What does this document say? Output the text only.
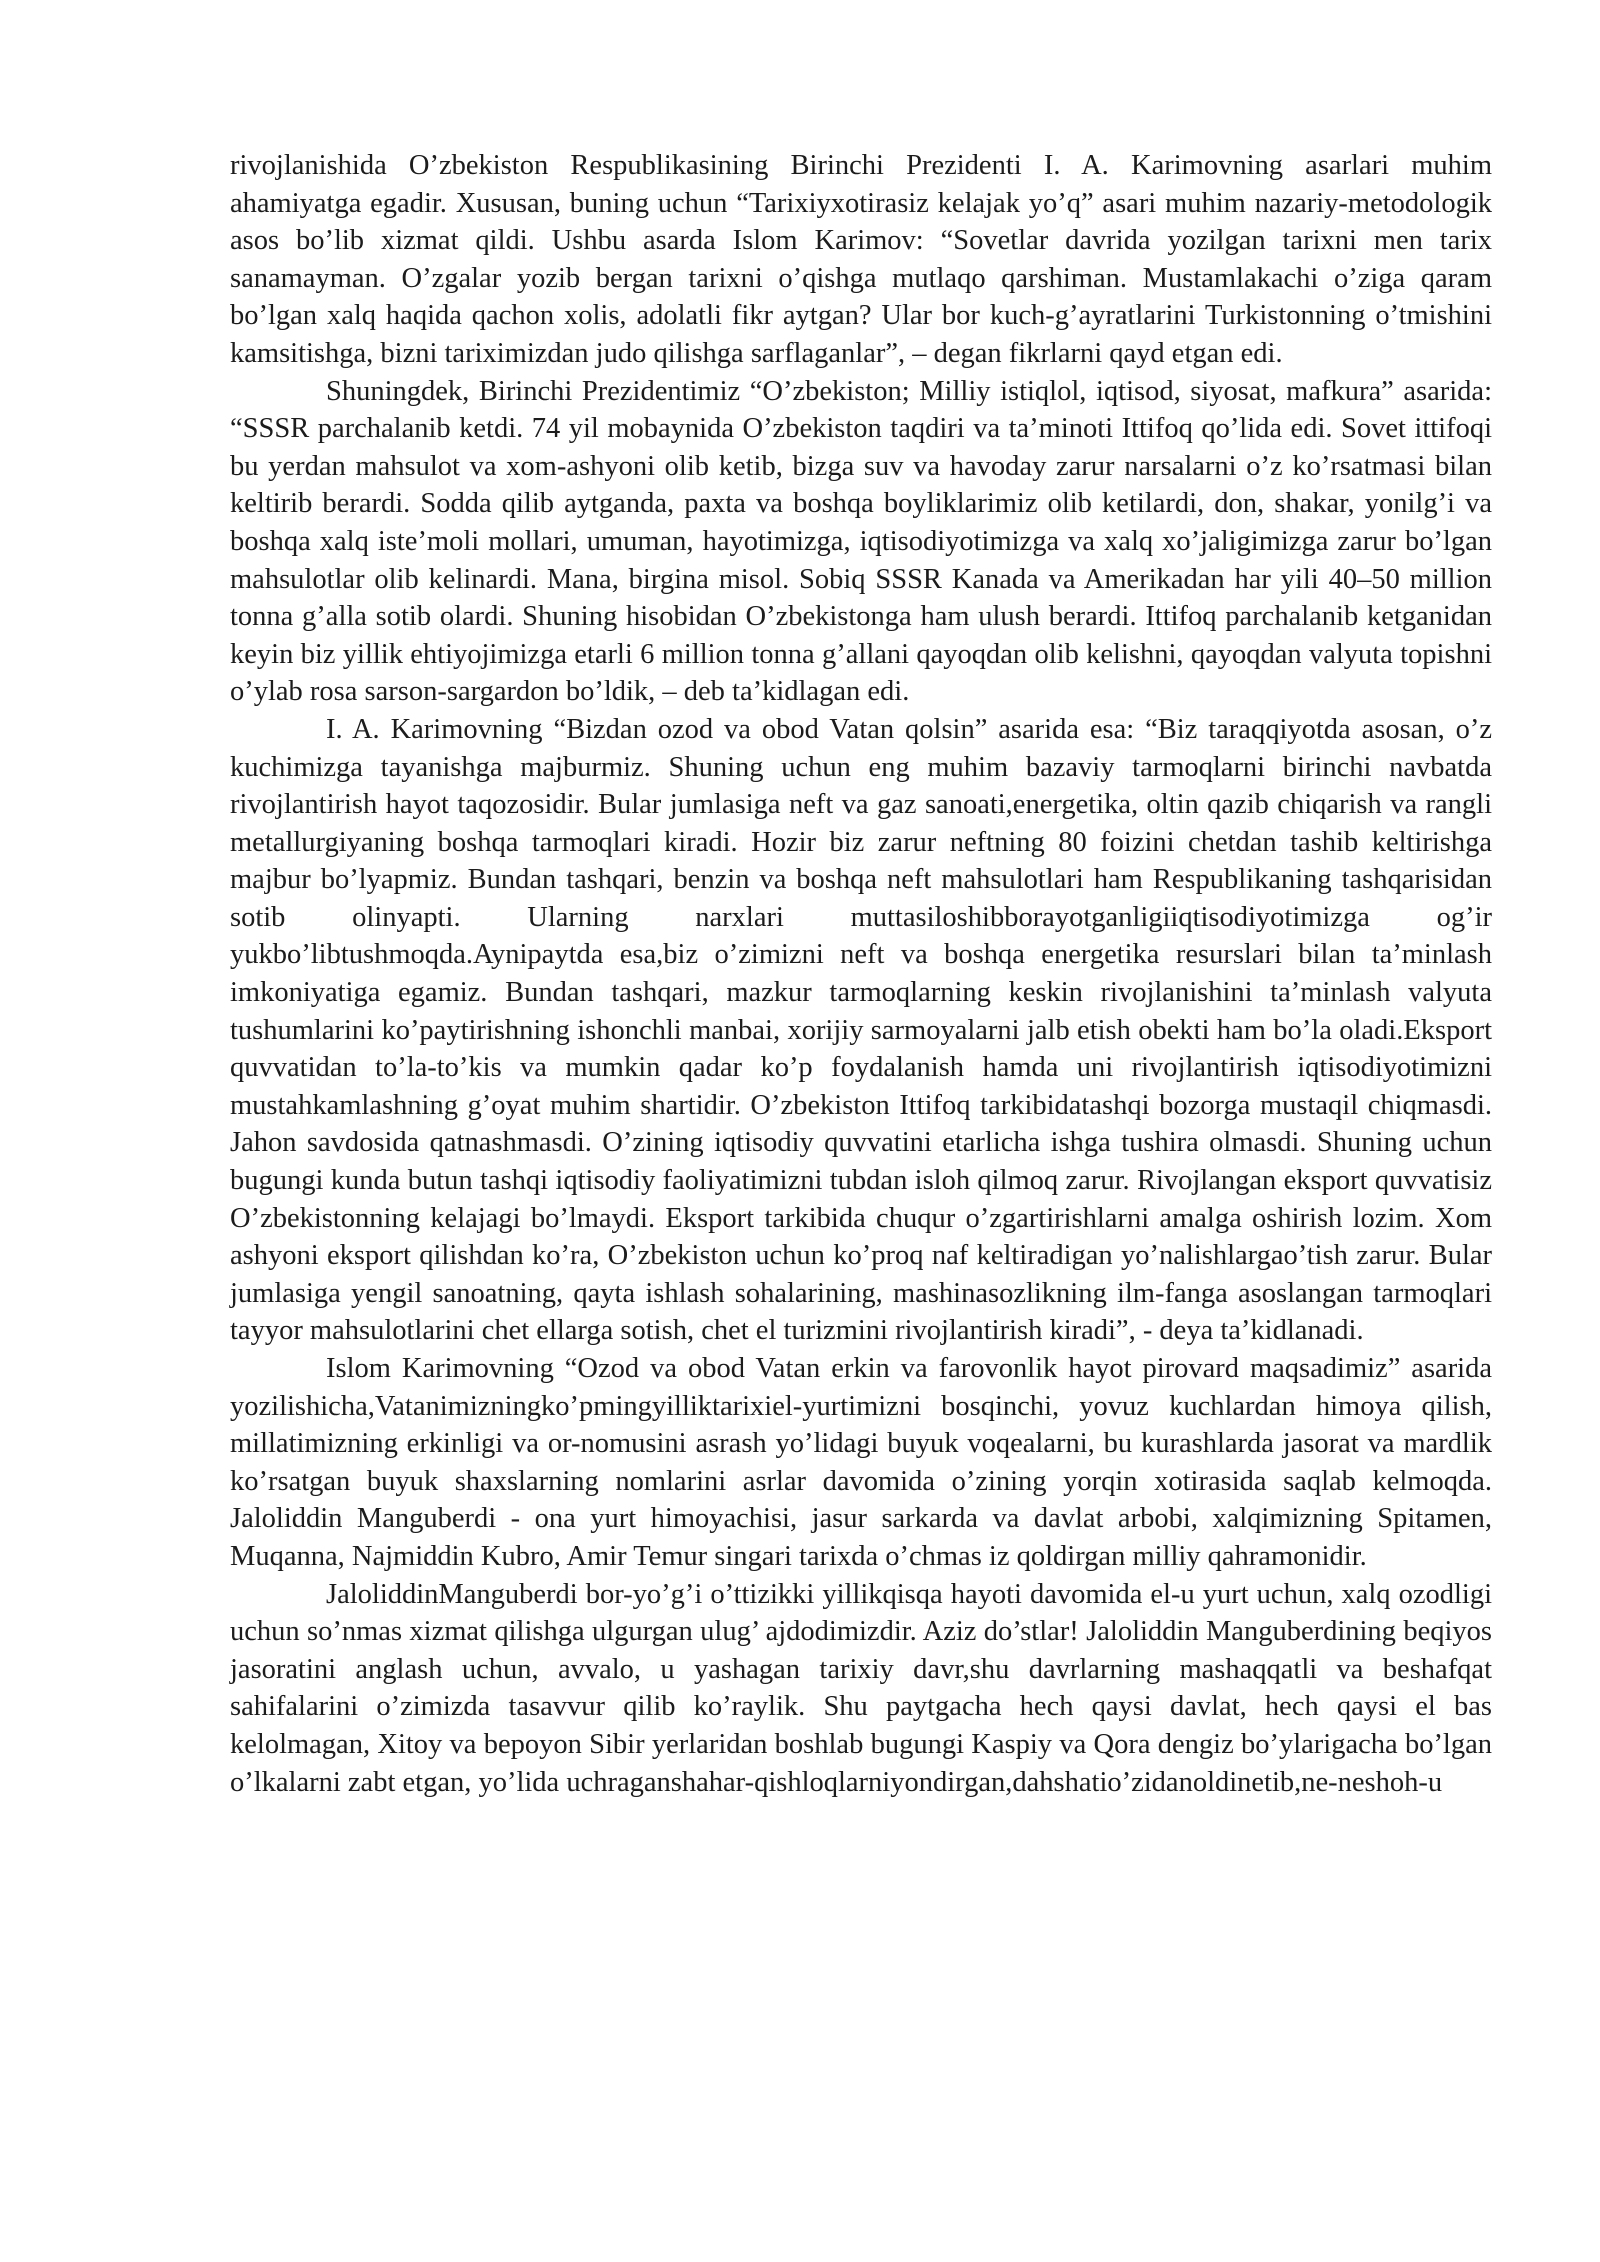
rivojlanishida O’zbekiston Respublikasining Birinchi Prezidenti I. A. Karimovning asarlari muhim ahamiyatga egadir. Xususan, buning uchun “Tarixiyxotirasiz kelajak yo’q” asari muhim nazariy-metodologik asos bo’lib xizmat qildi. Ushbu asarda Islom Karimov: “Sovetlar davrida yozilgan tarixni men tarix sanamayman. O’zgalar yozib bergan tarixni o’qishga mutlaqo qarshiman. Mustamlakachi o’ziga qaram bo’lgan xalq haqida qachon xolis, adolatli fikr aytgan? Ular bor kuch-g’ayratlarini Turkistonning o’tmishini kamsitishga, bizni tariximizdan judo qilishga sarflaganlar”, – degan fikrlarni qayd etgan edi.

Shuningdek, Birinchi Prezidentimiz “O’zbekiston; Milliy istiqlol, iqtisod, siyosat, mafkura” asarida: “SSSR parchalanib ketdi. 74 yil mobaynida O’zbekiston taqdiri va ta’minoti Ittifoq qo’lida edi. Sovet ittifoqi bu yerdan mahsulot va xom-ashyoni olib ketib, bizga suv va havoday zarur narsalarni o’z ko’rsatmasi bilan keltirib berardi. Sodda qilib aytganda, paxta va boshqa boyliklarimiz olib ketilardi, don, shakar, yonilg’i va boshqa xalq iste’moli mollari, umuman, hayotimizga, iqtisodiyotimizga va xalq xo’jaligimizga zarur bo’lgan mahsulotlar olib kelinardi. Mana, birgina misol. Sobiq SSSR Kanada va Amerikadan har yili 40–50 million tonna g’alla sotib olardi. Shuning hisobidan O’zbekistonga ham ulush berardi. Ittifoq parchalanib ketganidan keyin biz yillik ehtiyojimizga etarli 6 million tonna g’allani qayoqdan olib kelishni, qayoqdan valyuta topishni o’ylab rosa sarson-sargardon bo’ldik, – deb ta’kidlagan edi.

I. A. Karimovning “Bizdan ozod va obod Vatan qolsin” asarida esa: “Biz taraqqiyotda asosan, o’z kuchimizga tayanishga majburmiz. Shuning uchun eng muhim bazaviy tarmoqlarni birinchi navbatda rivojlantirish hayot taqozosidir. Bular jumlasiga neft va gaz sanoati,energetika, oltin qazib chiqarish va rangli metallurgiyaning boshqa tarmoqlari kiradi. Hozir biz zarur neftning 80 foizini chetdan tashib keltirishga majbur bo’lyapmiz. Bundan tashqari, benzin va boshqa neft mahsulotlari ham Respublikaning tashqarisidan sotib olinyapti. Ularning narxlari muttasiloshibborayotganligiiqtisodiyotimizga og’ir yukbo’libtushmoqda.Aynipaytda esa,biz o’zimizni neft va boshqa energetika resurslari bilan ta’minlash imkoniyatiga egamiz. Bundan tashqari, mazkur tarmoqlarning keskin rivojlanishini ta’minlash valyuta tushumlarini ko’paytirishning ishonchli manbai, xorijiy sarmoyalarni jalb etish obekti ham bo’la oladi.Eksport quvvatidan to’la-to’kis va mumkin qadar ko’p foydalanish hamda uni rivojlantirish iqtisodiyotimizni mustahkamlashning g’oyat muhim shartidir. O’zbekiston Ittifoq tarkibidatashqi bozorga mustaqil chiqmasdi. Jahon savdosida qatnashmasdi. O’zining iqtisodiy quvvatini etarlicha ishga tushira olmasdi. Shuning uchun bugungi kunda butun tashqi iqtisodiy faoliyatimizni tubdan isloh qilmoq zarur. Rivojlangan eksport quvvatisiz O’zbekistonning kelajagi bo’lmaydi. Eksport tarkibida chuqur o’zgartirishlarni amalga oshirish lozim. Xom ashyoni eksport qilishdan ko’ra, O’zbekiston uchun ko’proq naf keltiradigan yo’nalishlargao’tish zarur. Bular jumlasiga yengil sanoatning, qayta ishlash sohalarining, mashinasozlikning ilm-fanga asoslangan tarmoqlari tayyor mahsulotlarini chet ellarga sotish, chet el turizmini rivojlantirish kiradi”, - deya ta’kidlanadi.

Islom Karimovning “Ozod va obod Vatan erkin va farovonlik hayot pirovard maqsadimiz” asarida yozilishicha,Vatanimizningko’pmingyilliktarixiel-yurtimizni bosqinchi, yovuz kuchlardan himoya qilish, millatimizning erkinligi va or-nomusini asrash yo’lidagi buyuk voqealarni, bu kurashlarda jasorat va mardlik ko’rsatgan buyuk shaxslarning nomlarini asrlar davomida o’zining yorqin xotirasida saqlab kelmoqda. Jaloliddin Manguberdi - ona yurt himoyachisi, jasur sarkarda va davlat arbobi, xalqimizning Spitamen, Muqanna, Najmiddin Kubro, Amir Temur singari tarixda o’chmas iz qoldirgan milliy qahramonidir.

JaloliddinManguberdi bor-yo’g’i o’ttizikki yillikqisqa hayoti davomida el-u yurt uchun, xalq ozodligi uchun so’nmas xizmat qilishga ulgurgan ulug’ ajdodimizdir. Aziz do’stlar! Jaloliddin Manguberdining beqiyos jasoratini anglash uchun, avvalo, u yashagan tarixiy davr,shu davrlarning mashaqqatli va beshafqat sahifalarini o’zimizda tasavvur qilib ko’raylik. Shu paytgacha hech qaysi davlat, hech qaysi el bas kelolmagan, Xitoy va bepoyon Sibir yerlaridan boshlab bugungi Kaspiy va Qora dengiz bo’ylarigacha bo’lgan o’lkalarni zabt etgan, yo’lida uchraganshahar-qishloqlarniyondirgan,dahshatio’zidanoldinetib,ne-neshoh-u
